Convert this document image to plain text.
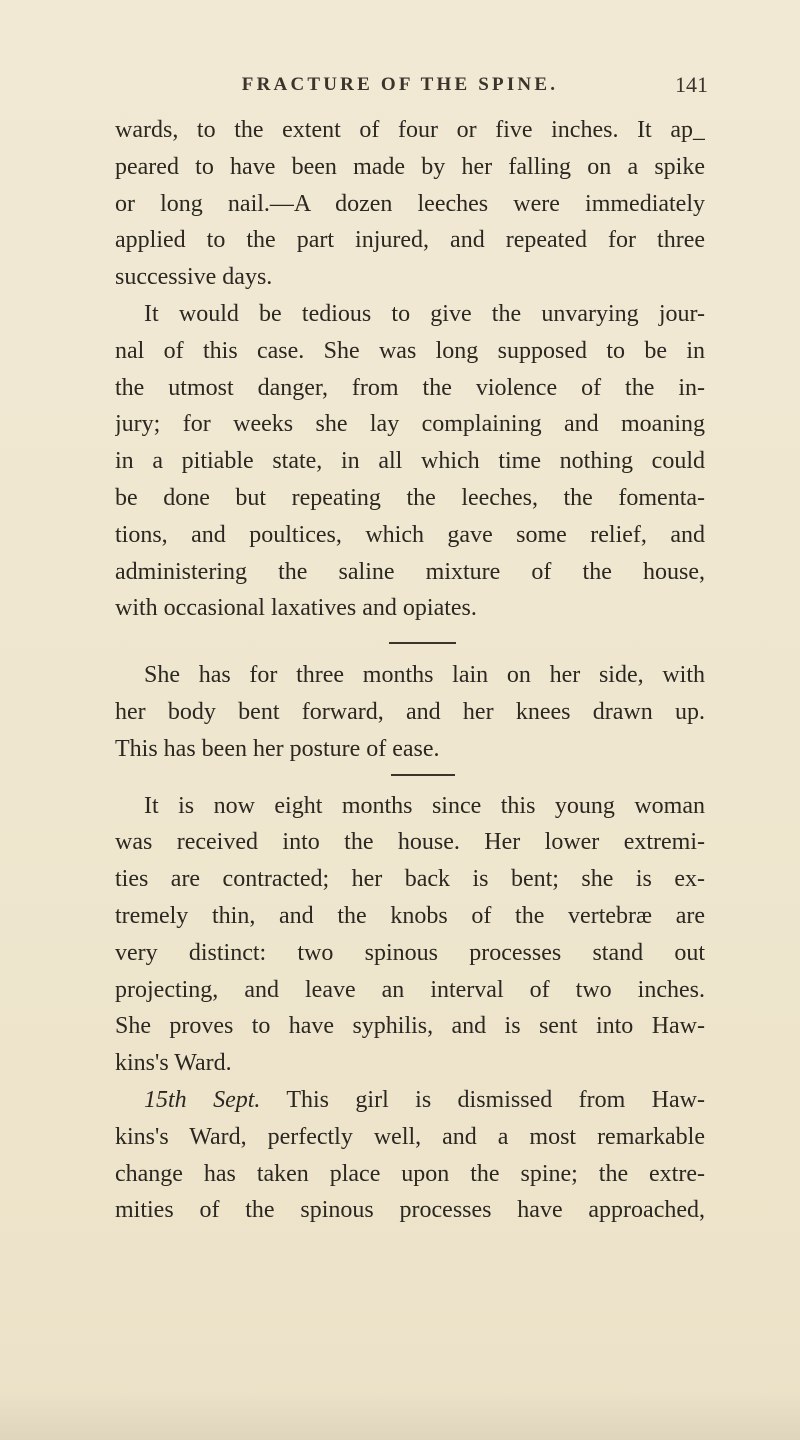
FRACTURE OF THE SPINE.	141
wards, to the extent of four or five inches. It ap_
peared to have been made by her falling on a spike
or long nail.—A dozen leeches were immediately
applied to the part injured, and repeated for three
successive days.
It would be tedious to give the unvarying jour-
nal of this case. She was long supposed to be in
the utmost danger, from the violence of the in-
jury; for weeks she lay complaining and moaning
in a pitiable state, in all which time nothing could
be done but repeating the leeches, the fomenta-
tions, and poultices, which gave some relief, and
administering the saline mixture of the house,
with occasional laxatives and opiates.
She has for three months lain on her side, with
her body bent forward, and her knees drawn up.
This has been her posture of ease.
It is now eight months since this young woman
was received into the house. Her lower extremi-
ties are contracted; her back is bent; she is ex-
tremely thin, and the knobs of the vertebræ are
very distinct: two spinous processes stand out
projecting, and leave an interval of two inches.
She proves to have syphilis, and is sent into Haw-
kins's Ward.
15th Sept. This girl is dismissed from Haw-
kins's Ward, perfectly well, and a most remarkable
change has taken place upon the spine; the extre-
mities of the spinous processes have approached,
